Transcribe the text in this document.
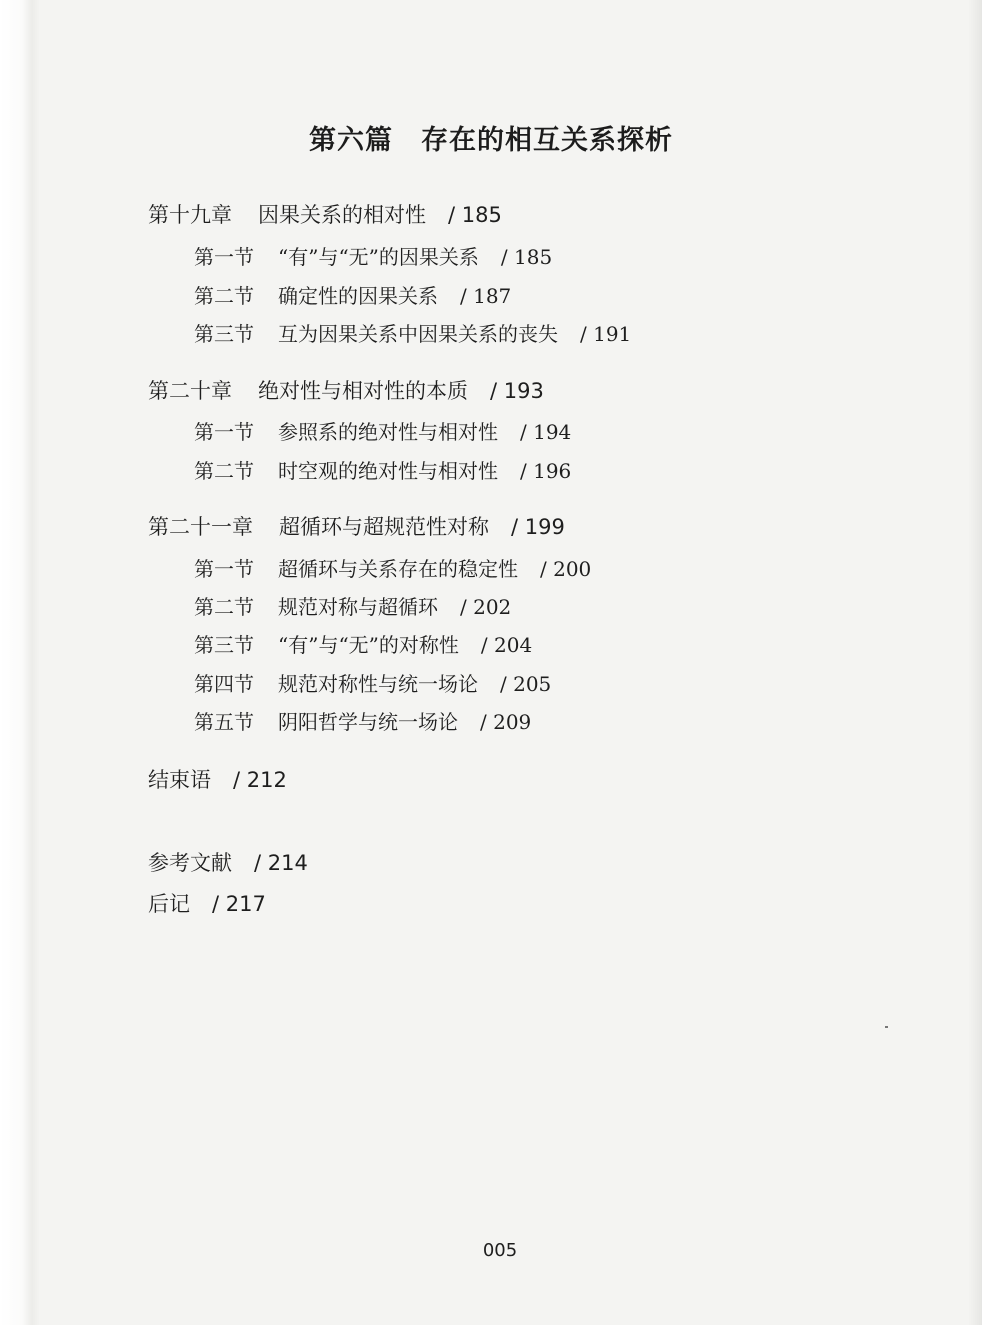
第六篇　存在的相互关系探析
第十九章 因果关系的相对性 / 185
第一节 “有”与“无”的因果关系 / 185
第二节 确定性的因果关系 / 187
第三节 互为因果关系中因果关系的丧失 / 191
第二十章 绝对性与相对性的本质 / 193
第一节 参照系的绝对性与相对性 / 194
第二节 时空观的绝对性与相对性 / 196
第二十一章 超循环与超规范性对称 / 199
第一节 超循环与关系存在的稳定性 / 200
第二节 规范对称与超循环 / 202
第三节 “有”与“无”的对称性 / 204
第四节 规范对称性与统一场论 / 205
第五节 阴阳哲学与统一场论 / 209
结束语 / 212
参考文献 / 214
后记 / 217
005
